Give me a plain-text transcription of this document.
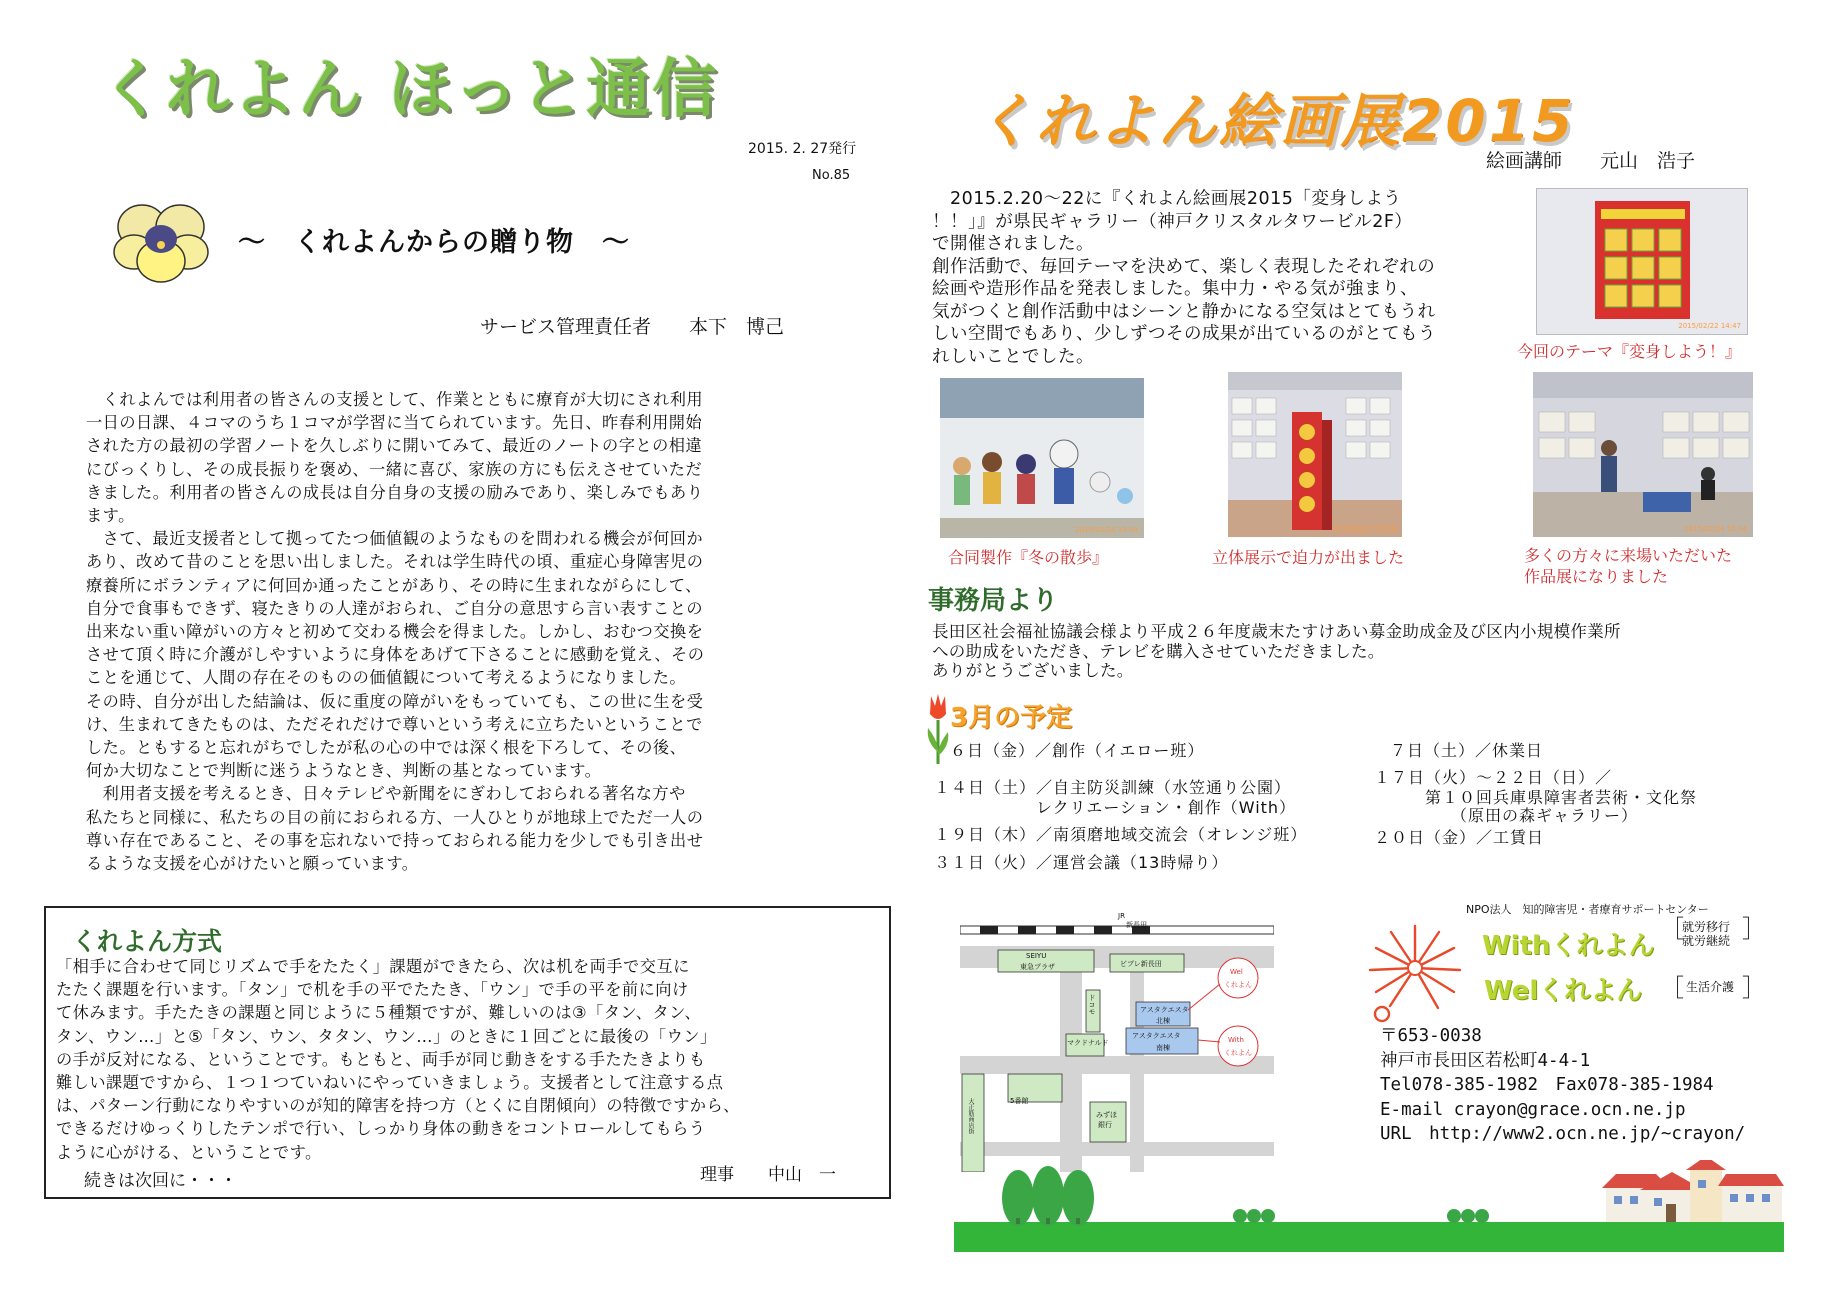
くれよん ほっと通信
2015. 2. 27発行
No.85
～　くれよんからの贈り物　～
サービス管理責任者　　本下　博己
　くれよんでは利用者の皆さんの支援として、作業とともに療育が大切にされ利用
一日の日課、４コマのうち１コマが学習に当てられています。先日、昨春利用開始
された方の最初の学習ノートを久しぶりに開いてみて、最近のノートの字との相違
にびっくりし、その成長振りを褒め、一緒に喜び、家族の方にも伝えさせていただ
きました。利用者の皆さんの成長は自分自身の支援の励みであり、楽しみでもあり
ます。
　さて、最近支援者として拠ってたつ価値観のようなものを問われる機会が何回か
あり、改めて昔のことを思い出しました。それは学生時代の頃、重症心身障害児の
療養所にボランティアに何回か通ったことがあり、その時に生まれながらにして、
自分で食事もできず、寝たきりの人達がおられ、ご自分の意思すら言い表すことの
出来ない重い障がいの方々と初めて交わる機会を得ました。しかし、おむつ交換を
させて頂く時に介護がしやすいように身体をあげて下さることに感動を覚え、その
ことを通じて、人間の存在そのものの価値観について考えるようになりました。
その時、自分が出した結論は、仮に重度の障がいをもっていても、この世に生を受
け、生まれてきたものは、ただそれだけで尊いという考えに立ちたいということで
した。ともすると忘れがちでしたが私の心の中では深く根を下ろして、その後、
何か大切なことで判断に迷うようなとき、判断の基となっています。
　利用者支援を考えるとき、日々テレビや新聞をにぎわしておられる著名な方や
私たちと同様に、私たちの目の前におられる方、一人ひとりが地球上でただ一人の
尊い存在であること、その事を忘れないで持っておられる能力を少しでも引き出せ
るような支援を心がけたいと願っています。
くれよん方式
「相手に合わせて同じリズムで手をたたく」課題ができたら、次は机を両手で交互に
たたく課題を行います。「タン」で机を手の平でたたき、「ウン」で手の平を前に向け
て休みます。手たたきの課題と同じように５種類ですが、難しいのは③「タン、タン、
タン、ウン…」と⑤「タン、ウン、タタン、ウン…」のときに１回ごとに最後の「ウン」
の手が反対になる、ということです。もともと、両手が同じ動きをする手たたきよりも
難しい課題ですから、１つ１つていねいにやっていきましょう。支援者として注意する点
は、パターン行動になりやすいのが知的障害を持つ方（とくに自閉傾向）の特徴ですから、
できるだけゆっくりしたテンポで行い、しっかり身体の動きをコントロールしてもらう
ように心がける、ということです。
続きは次回に・・・	理事　　中山　一
くれよん絵画展2015
絵画講師　　元山　浩子
　2015.2.20～22に『くれよん絵画展2015「変身しよう
！！」』が県民ギャラリー（神戸クリスタルタワービル2F）
で開催されました。
創作活動で、毎回テーマを決めて、楽しく表現したそれぞれの
絵画や造形作品を発表しました。集中力・やる気が強まり、
気がつくと創作活動中はシーンと静かになる空気はとてもうれ
しい空間でもあり、少しずつその成果が出ているのがとてもう
れしいことでした。
2015/02/22 14:47
今回のテーマ『変身しよう！』
2015/02/24 15:04
合同製作『冬の散歩』
2015/02/20 15:56
立体展示で迫力が出ました
2015/02/24 15:34
多くの方々に来場いただいた
作品展になりました
事務局より
長田区社会福祉協議会様より平成２６年度歳末たすけあい募金助成金及び区内小規模作業所
への助成をいただき、テレビを購入させていただきました。
ありがとうございました。
3月の予定
６日（金）／創作（イエロー班）
１４日（土）／自主防災訓練（水笠通り公園）
　　　　　　レクリエーション・創作（With）
１９日（木）／南須磨地域交流会（オレンジ班）
３１日（火）／運営会議（13時帰り）
７日（土）／休業日
１７日（火）～２２日（日）／
　　　第１０回兵庫県障害者芸術・文化祭
　　　　　（原田の森ギャラリー）
２０日（金）／工賃日
JR
新長田
SEIYU
東急プラザ	ビブレ新長田
ドコモ
マクドナルド
アスタクエスタ
北棟
アスタクエスタ
南棟
Wel
くれよん
With
くれよん
大正筋商店街	みずほ
銀行
5番館
NPO法人　知的障害児・者療育サポートセンター
Withくれよん
［
就労移行
就労継続 ］
Welくれよん ［ 生活介護 ］
〒653-0038
神戸市長田区若松町4-4-1
Tel078-385-1982　Fax078-385-1984
E-mail crayon@grace.ocn.ne.jp
URL　http://www2.ocn.ne.jp/~crayon/
